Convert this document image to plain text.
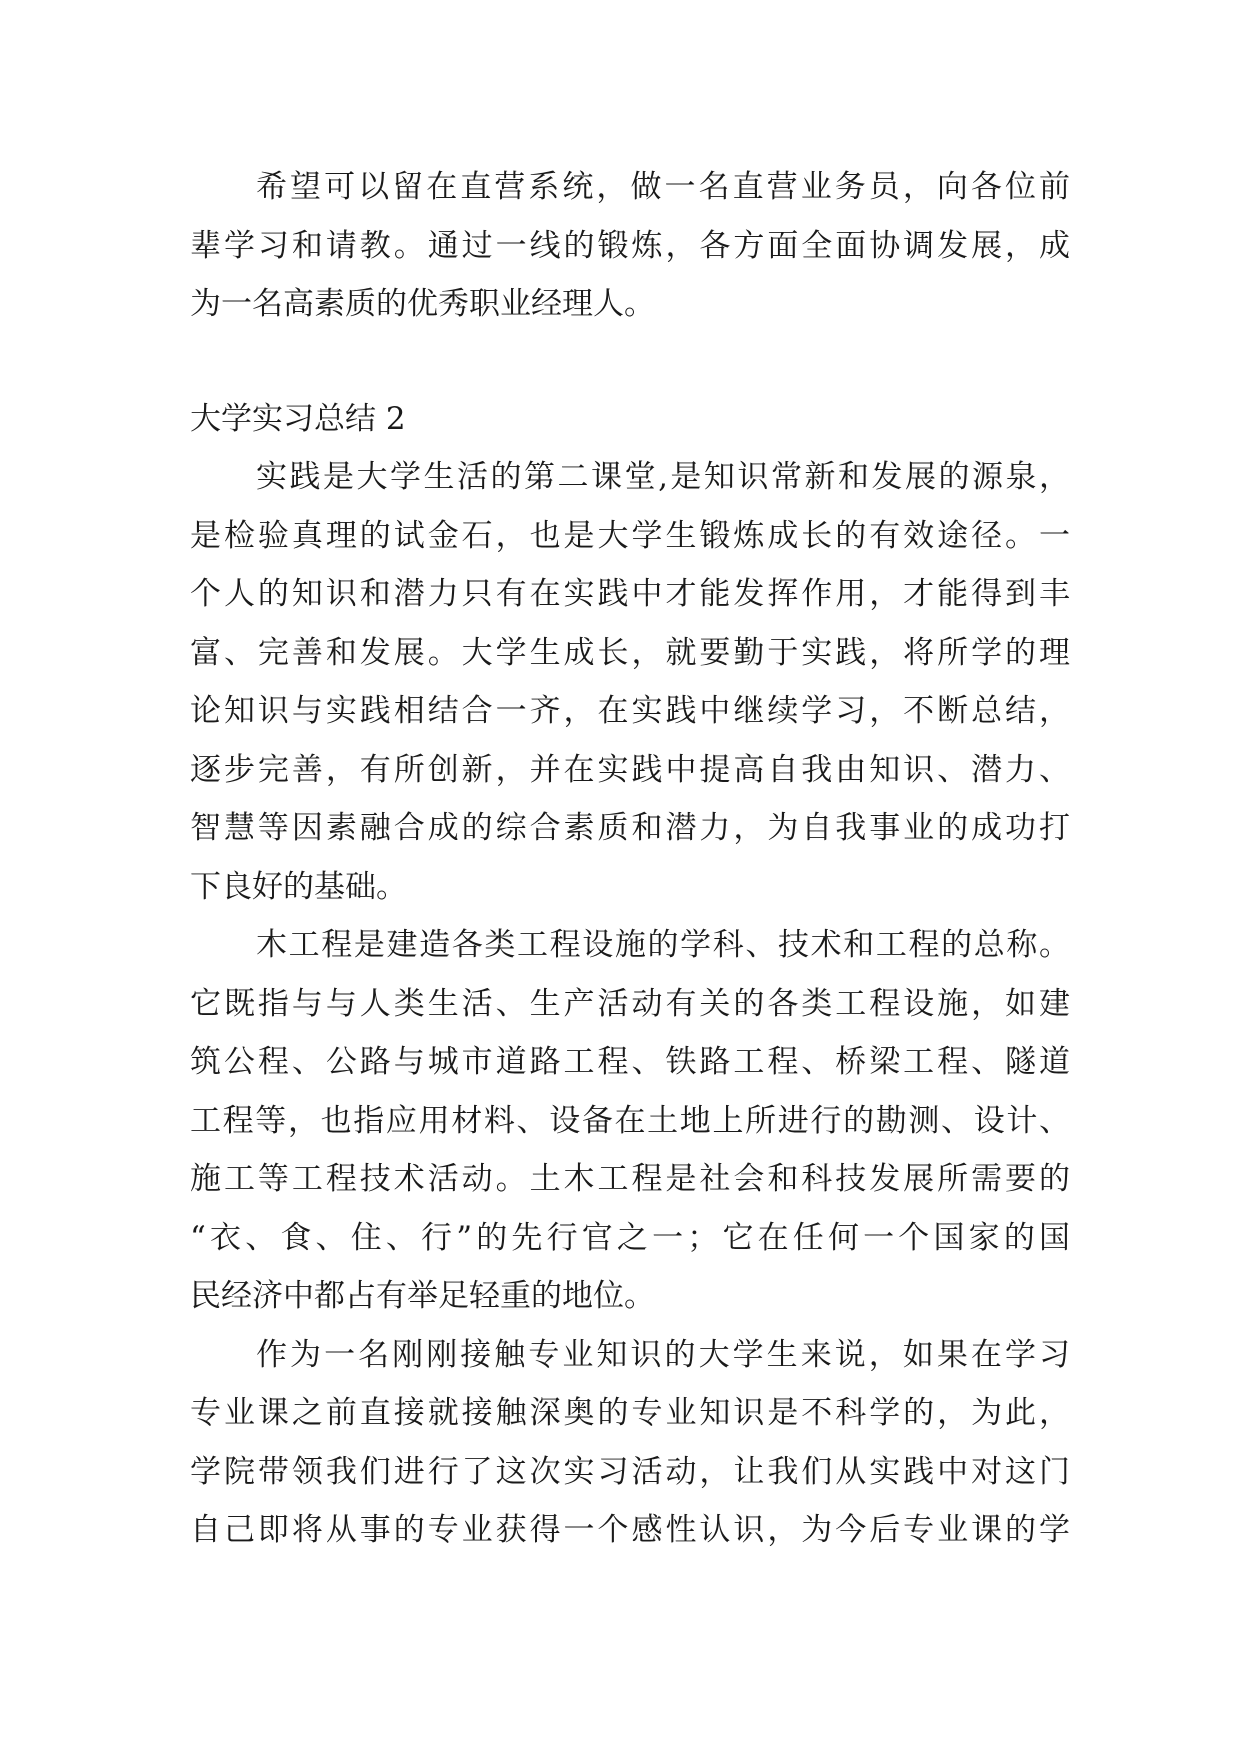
希望可以留在直营系统，做一名直营业务员，向各位前
辈学习和请教。通过一线的锻炼，各方面全面协调发展，成
为一名高素质的优秀职业经理人。
大学实习总结 2
实践是大学生活的第二课堂,是知识常新和发展的源泉，
是检验真理的试金石，也是大学生锻炼成长的有效途径。一
个人的知识和潜力只有在实践中才能发挥作用，才能得到丰
富、完善和发展。大学生成长，就要勤于实践，将所学的理
论知识与实践相结合一齐，在实践中继续学习，不断总结，
逐步完善，有所创新，并在实践中提高自我由知识、潜力、
智慧等因素融合成的综合素质和潜力，为自我事业的成功打
下良好的基础。
木工程是建造各类工程设施的学科、技术和工程的总称。
它既指与与人类生活、生产活动有关的各类工程设施，如建
筑公程、公路与城市道路工程、铁路工程、桥梁工程、隧道
工程等，也指应用材料、设备在土地上所进行的勘测、设计、
施工等工程技术活动。土木工程是社会和科技发展所需要的
“衣、食、住、行”的先行官之一；它在任何一个国家的国
民经济中都占有举足轻重的地位。
作为一名刚刚接触专业知识的大学生来说，如果在学习
专业课之前直接就接触深奥的专业知识是不科学的，为此，
学院带领我们进行了这次实习活动，让我们从实践中对这门
自己即将从事的专业获得一个感性认识，为今后专业课的学
